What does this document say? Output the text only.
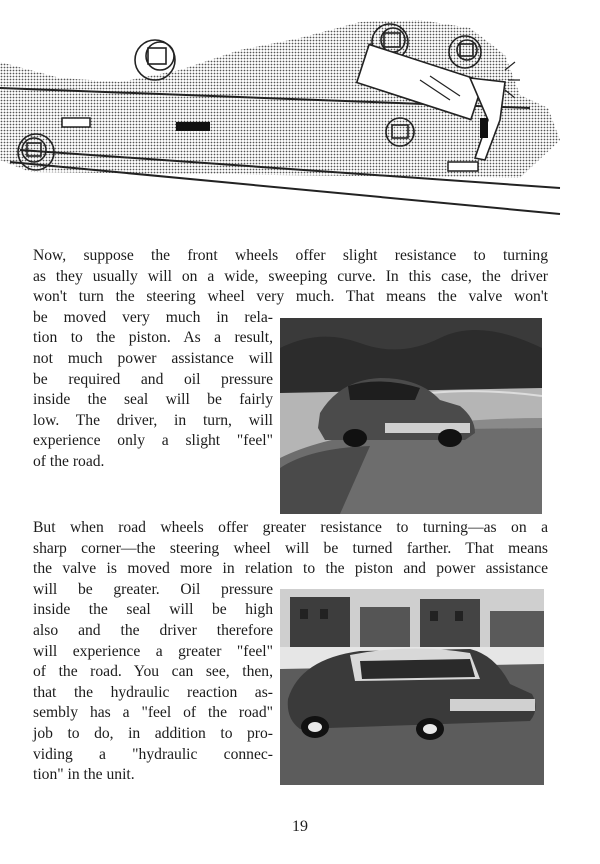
Now, suppose the front wheels offer slight resistance to turning
as they usually will on a wide, sweeping curve. In this case, the driver
won't turn the steering wheel very much. That means the valve won't
be moved very much in rela-
tion to the piston. As a result,
not much power assistance will
be required and oil pressure
inside the seal will be fairly
low. The driver, in turn, will
experience only a slight "feel"
of the road.
But when road wheels offer greater resistance to turning—as on a
sharp corner—the steering wheel will be turned farther. That means
the valve is moved more in relation to the piston and power assistance
will be greater. Oil pressure
inside the seal will be high
also and the driver therefore
will experience a greater "feel"
of the road. You can see, then,
that the hydraulic reaction as-
sembly has a "feel of the road"
job to do, in addition to pro-
viding a "hydraulic connec-
tion" in the unit.
19
